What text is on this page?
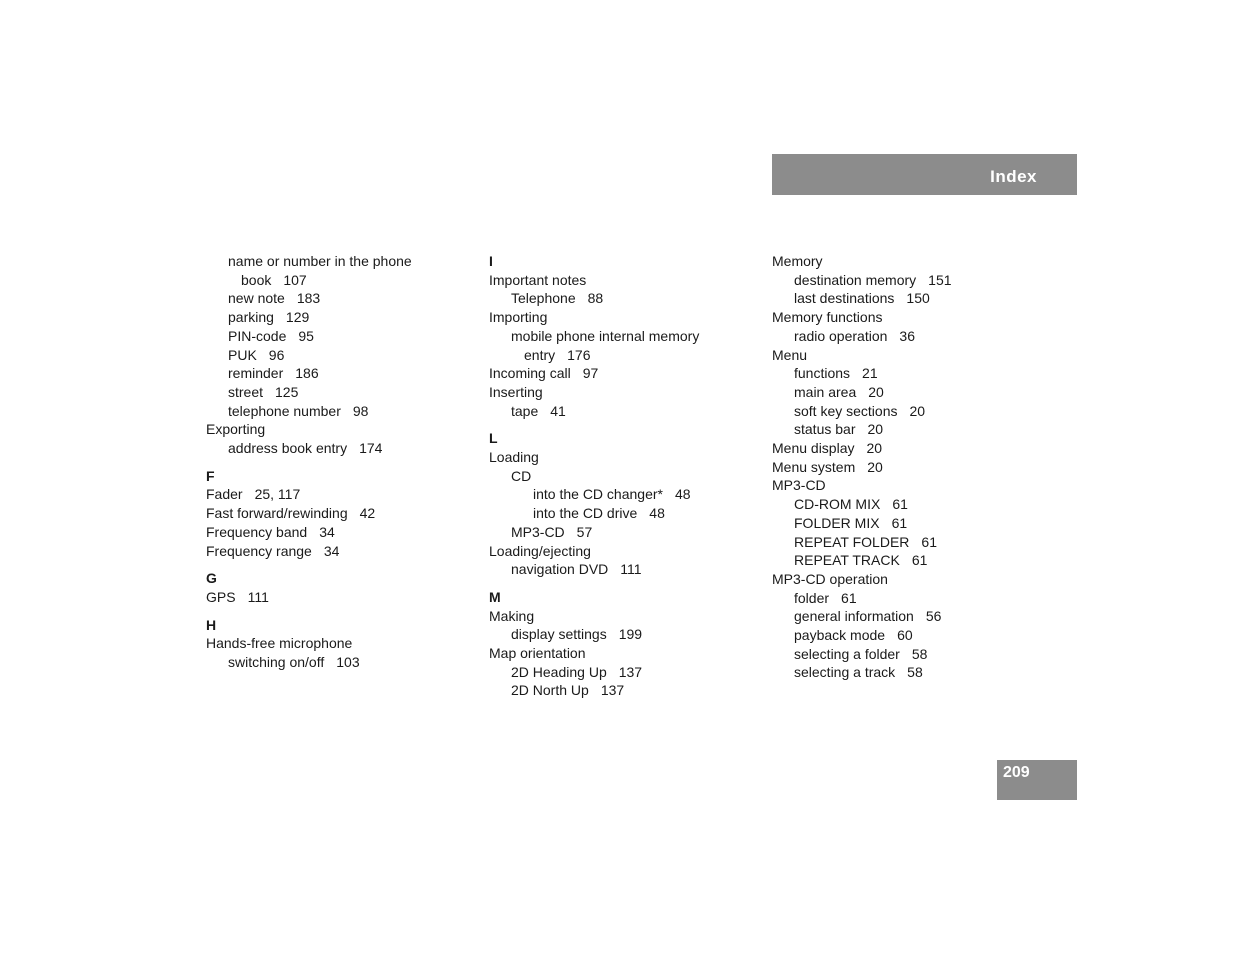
Index
name or number in the phone
book 107
new note 183
parking 129
PIN-code 95
PUK 96
reminder 186
street 125
telephone number 98
Exporting
address book entry 174
F
Fader 25, 117
Fast forward/rewinding 42
Frequency band 34
Frequency range 34
G
GPS 111
H
Hands-free microphone
switching on/off 103
I
Important notes
Telephone 88
Importing
mobile phone internal memory
entry 176
Incoming call 97
Inserting
tape 41
L
Loading
CD
into the CD changer* 48
into the CD drive 48
MP3-CD 57
Loading/ejecting
navigation DVD 111
M
Making
display settings 199
Map orientation
2D Heading Up 137
2D North Up 137
Memory
destination memory 151
last destinations 150
Memory functions
radio operation 36
Menu
functions 21
main area 20
soft key sections 20
status bar 20
Menu display 20
Menu system 20
MP3-CD
CD-ROM MIX 61
FOLDER MIX 61
REPEAT FOLDER 61
REPEAT TRACK 61
MP3-CD operation
folder 61
general information 56
payback mode 60
selecting a folder 58
selecting a track 58
209
